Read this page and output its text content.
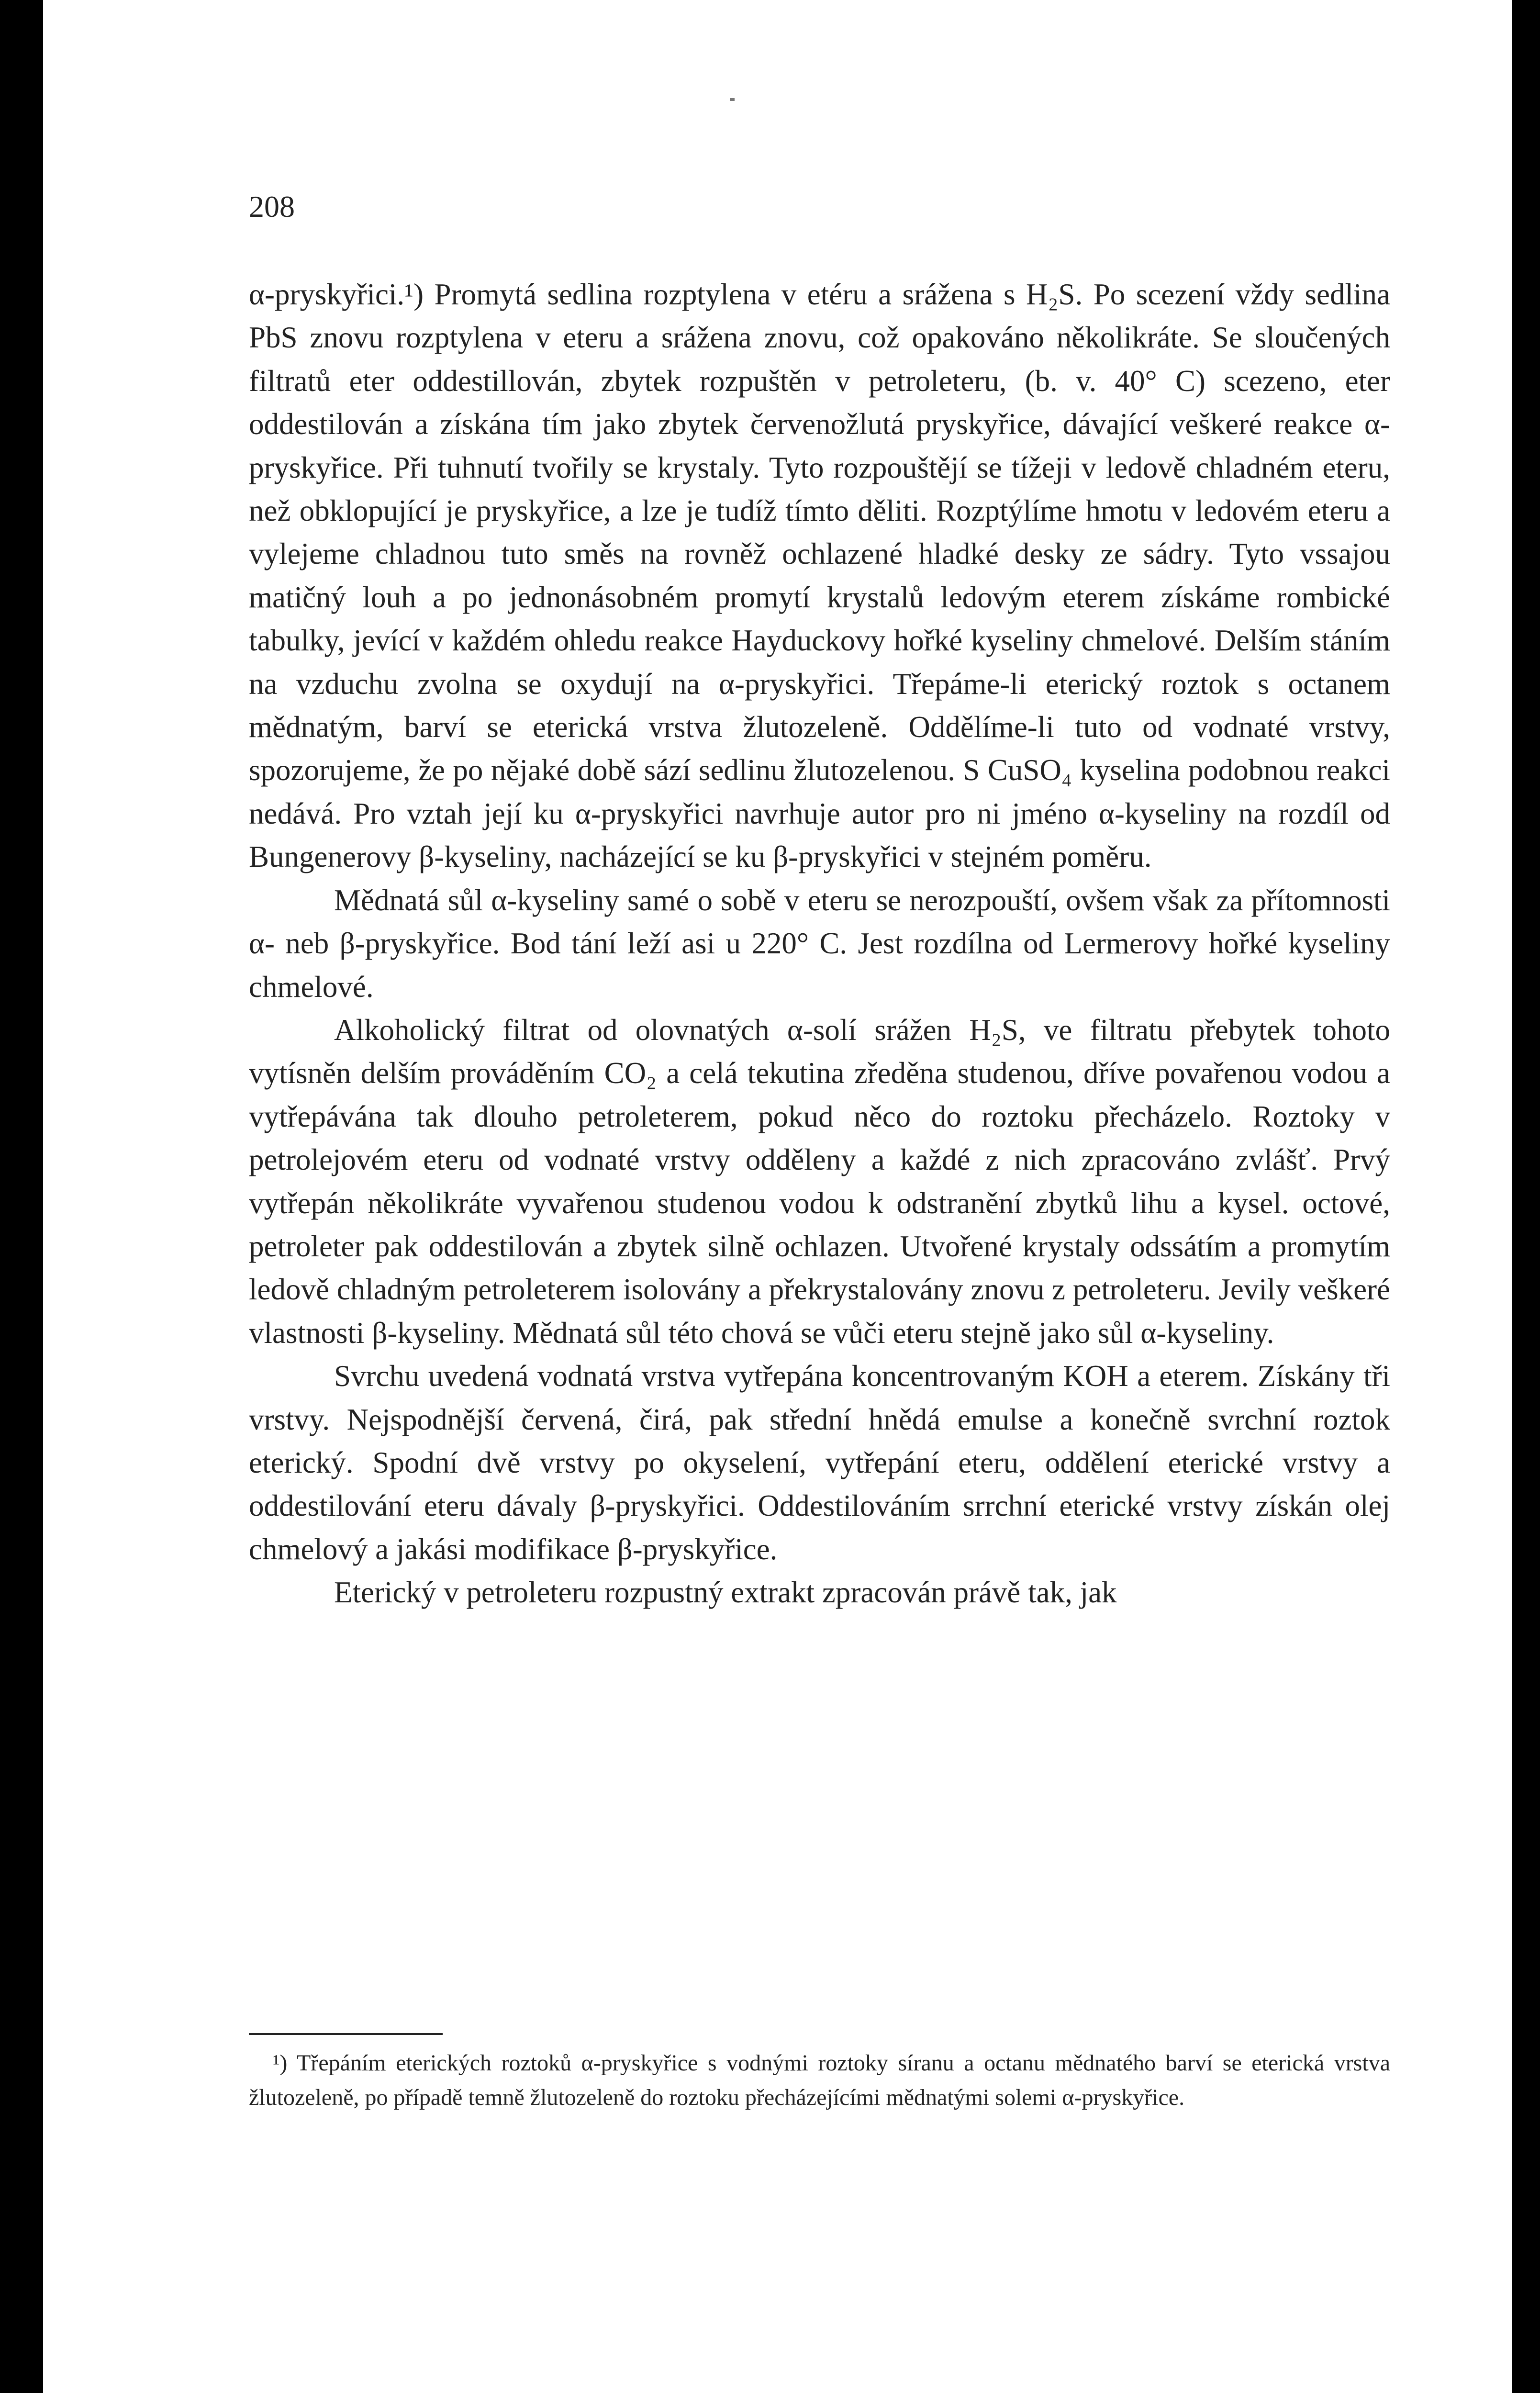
208

α-pryskyřici.¹) Promytá sedlina rozptylena v etéru a srážena s H₂S. Po scezení vždy sedlina PbS znovu rozptylena v eteru a srážena znovu, což opakováno několikráte. Se sloučených filtratů eter oddestillován, zbytek rozpuštěn v petroleteru, (b. v. 40° C) scezeno, eter oddestilován a získána tím jako zbytek červenožlutá pryskyřice, dávající veškeré reakce α-pryskyřice. Při tuhnutí tvořily se krystaly. Tyto rozpouštějí se tížeji v ledově chladném eteru, než obklopující je pryskyřice, a lze je tudíž tímto děliti. Rozptýlíme hmotu v ledovém eteru a vylejeme chladnou tuto směs na rovněž ochlazené hladké desky ze sádry. Tyto vssajou matičný louh a po jednonásobném promytí krystalů ledovým eterem získáme rombické tabulky, jevící v každém ohledu reakce Hayduckovy hořké kyseliny chmelové. Delším stáním na vzduchu zvolna se oxydují na α-pryskyřici. Třepáme-li eterický roztok s octanem mědnatým, barví se eterická vrstva žlutozeleně. Oddělíme-li tuto od vodnaté vrstvy, spozorujeme, že po nějaké době sází sedlinu žlutozelenou. S CuSO₄ kyselina podobnou reakci nedává. Pro vztah její ku α-pryskyřici navrhuje autor pro ni jméno α-kyseliny na rozdíl od Bungenerovy β-kyseliny, nacházející se ku β-pryskyřici v stejném poměru.

Mědnatá sůl α-kyseliny samé o sobě v eteru se nerozpouští, ovšem však za přítomnosti α- neb β-pryskyřice. Bod tání leží asi u 220° C. Jest rozdílna od Lermerovy hořké kyseliny chmelové.

Alkoholický filtrat od olovnatých α-solí srážen H₂S, ve filtratu přebytek tohoto vytísněn delším prováděním CO₂ a celá tekutina zředěna studenou, dříve povařenou vodou a vytřepávána tak dlouho petroleterem, pokud něco do roztoku přecházelo. Roztoky v petrolejovém eteru od vodnaté vrstvy odděleny a každé z nich zpracováno zvlášť. Prvý vytřepán několikráte vyvařenou studenou vodou k odstranění zbytků lihu a kysel. octové, petroleter pak oddestilován a zbytek silně ochlazen. Utvořené krystaly odssátím a promytím ledově chladným petroleterem isolovány a překrystalovány znovu z petroleteru. Jevily veškeré vlastnosti β-kyseliny. Mědnatá sůl této chová se vůči eteru stejně jako sůl α-kyseliny.

Svrchu uvedená vodnatá vrstva vytřepána koncentrovaným KOH a eterem. Získány tři vrstvy. Nejspodnější červená, čirá, pak střední hnědá emulse a konečně svrchní roztok eterický. Spodní dvě vrstvy po okyselení, vytřepání eteru, oddělení eterické vrstvy a oddestilování eteru dávaly β-pryskyřici. Oddestilováním srrchní eterické vrstvy získán olej chmelový a jakási modifikace β-pryskyřice.

Eterický v petroleteru rozpustný extrakt zpracován právě tak, jak

¹) Třepáním eterických roztoků α-pryskyřice s vodnými roztoky síranu a octanu mědnatého barví se eterická vrstva žlutozeleně, po případě temně žlutozeleně do roztoku přecházejícími mědnatými solemi α-pryskyřice.
